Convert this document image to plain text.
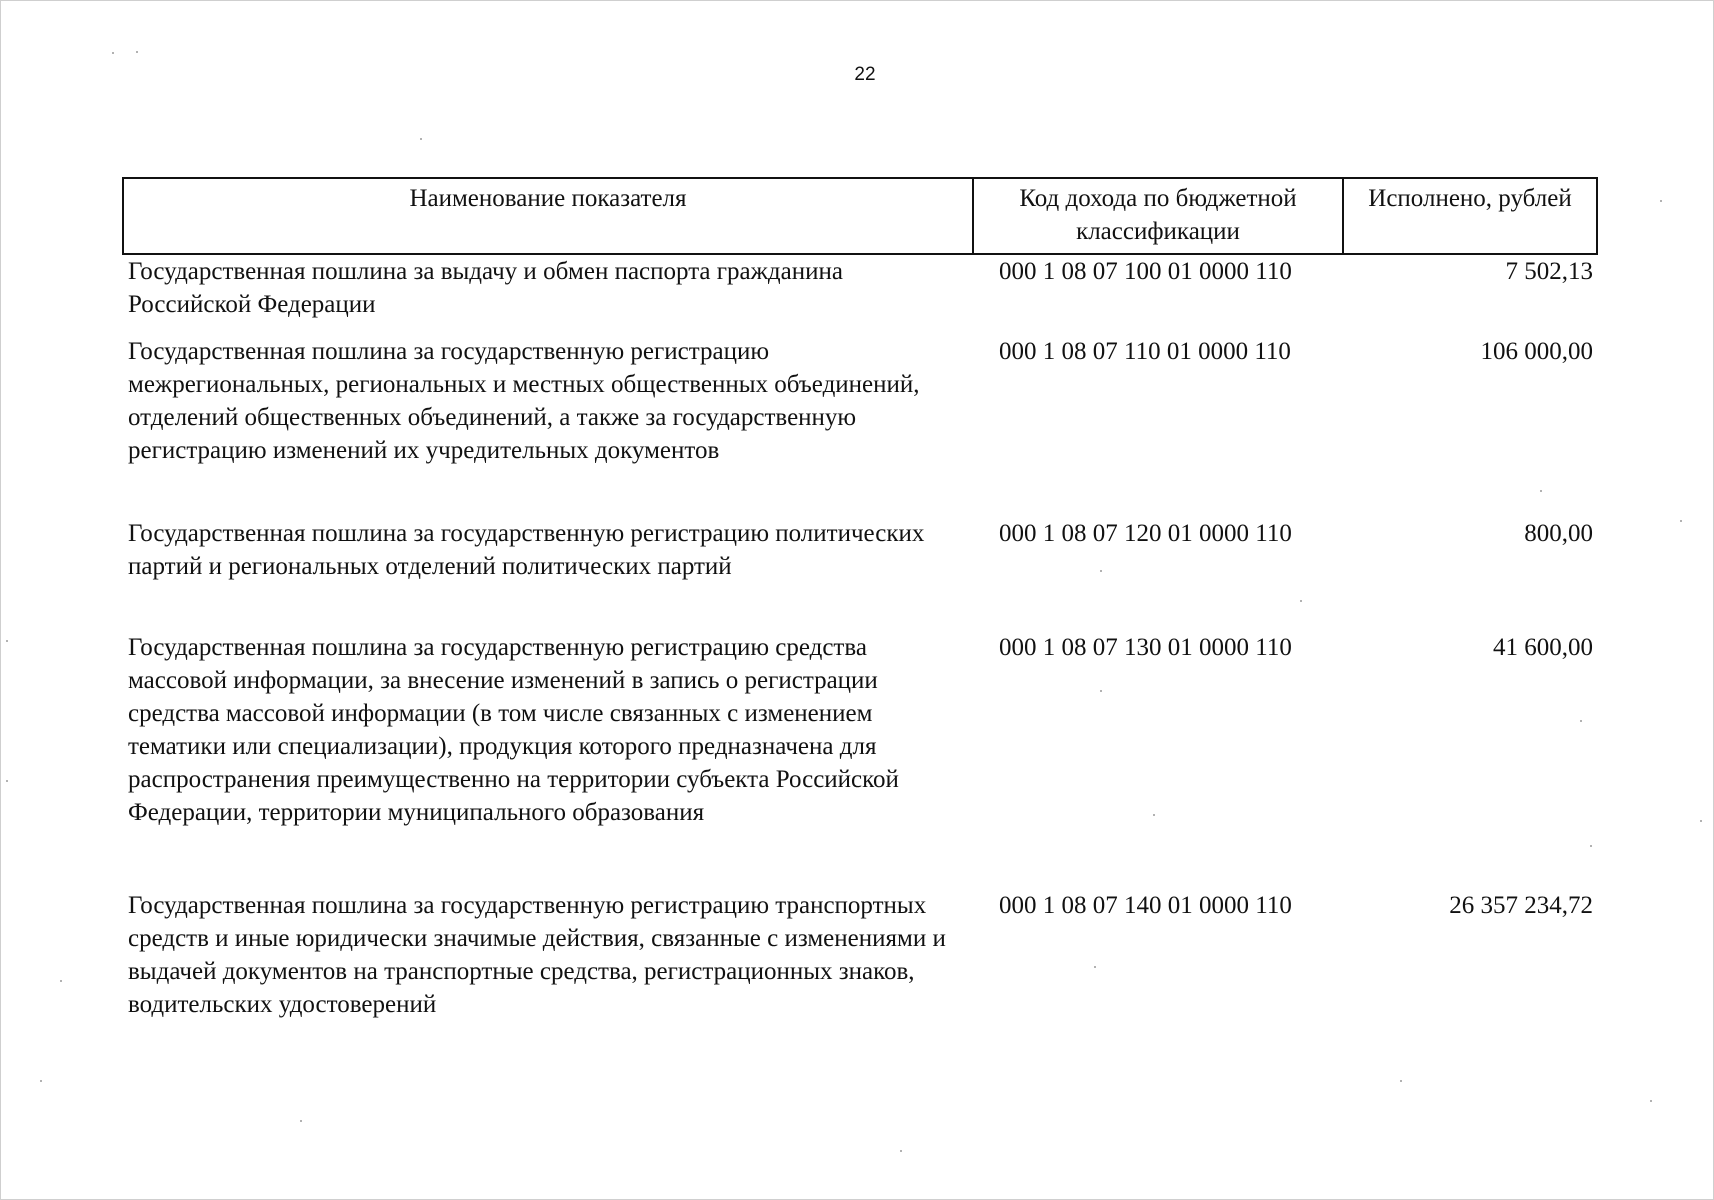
22
Наименование показателя	Код дохода по бюджетной классификации	Исполнено, рублей
Государственная пошлина за выдачу и обмен паспорта гражданина Российской Федерации	000 1 08 07 100 01 0000 110	7 502,13
Государственная пошлина за государственную регистрацию межрегиональных, региональных и местных общественных объединений, отделений общественных объединений, а также за государственную регистрацию изменений их учредительных документов	000 1 08 07 110 01 0000 110	106 000,00
Государственная пошлина за государственную регистрацию политических партий и региональных отделений политических партий	000 1 08 07 120 01 0000 110	800,00
Государственная пошлина за государственную регистрацию средства массовой информации, за внесение изменений в запись о регистрации средства массовой информации (в том числе связанных с изменением тематики или специализации), продукция которого предназначена для распространения преимущественно на территории субъекта Российской Федерации, территории муниципального образования	000 1 08 07 130 01 0000 110	41 600,00
Государственная пошлина за государственную регистрацию транспортных средств и иные юридически значимые действия, связанные с изменениями и выдачей документов на транспортные средства, регистрационных знаков, водительских удостоверений	000 1 08 07 140 01 0000 110	26 357 234,72
